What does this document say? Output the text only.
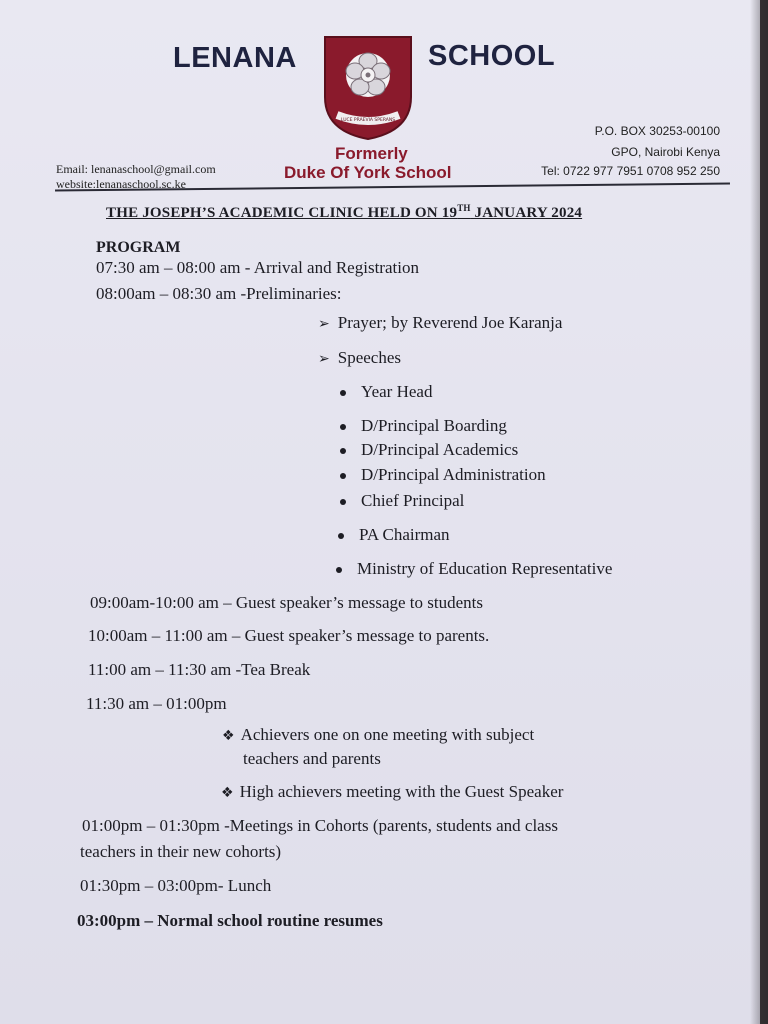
LENANA	SCHOOL
LUCE PRAEVIA SPERANS
Formerly
Duke Of York School
Email: lenanaschool@gmail.com
website:lenanaschool.sc.ke
P.O. BOX 30253-00100
GPO, Nairobi Kenya
Tel: 0722 977 7951 0708 952 250
THE JOSEPH’S ACADEMIC CLINIC HELD ON 19TH JANUARY 2024
PROGRAM
07:30 am – 08:00 am - Arrival and Registration
08:00am – 08:30 am -Preliminaries:
➢ Prayer; by Reverend Joe Karanja
➢ Speeches
Year Head
D/Principal Boarding
D/Principal Academics
D/Principal Administration
Chief Principal
PA Chairman
Ministry of Education Representative
09:00am-10:00 am – Guest speaker’s message to students
10:00am – 11:00 am – Guest speaker’s message to parents.
11:00 am – 11:30 am -Tea Break
11:30 am – 01:00pm
❖ Achievers one on one meeting with subject
teachers and parents
❖ High achievers meeting with the Guest Speaker
01:00pm – 01:30pm -Meetings in Cohorts (parents, students and class
teachers in their new cohorts)
01:30pm – 03:00pm- Lunch
03:00pm – Normal school routine resumes
